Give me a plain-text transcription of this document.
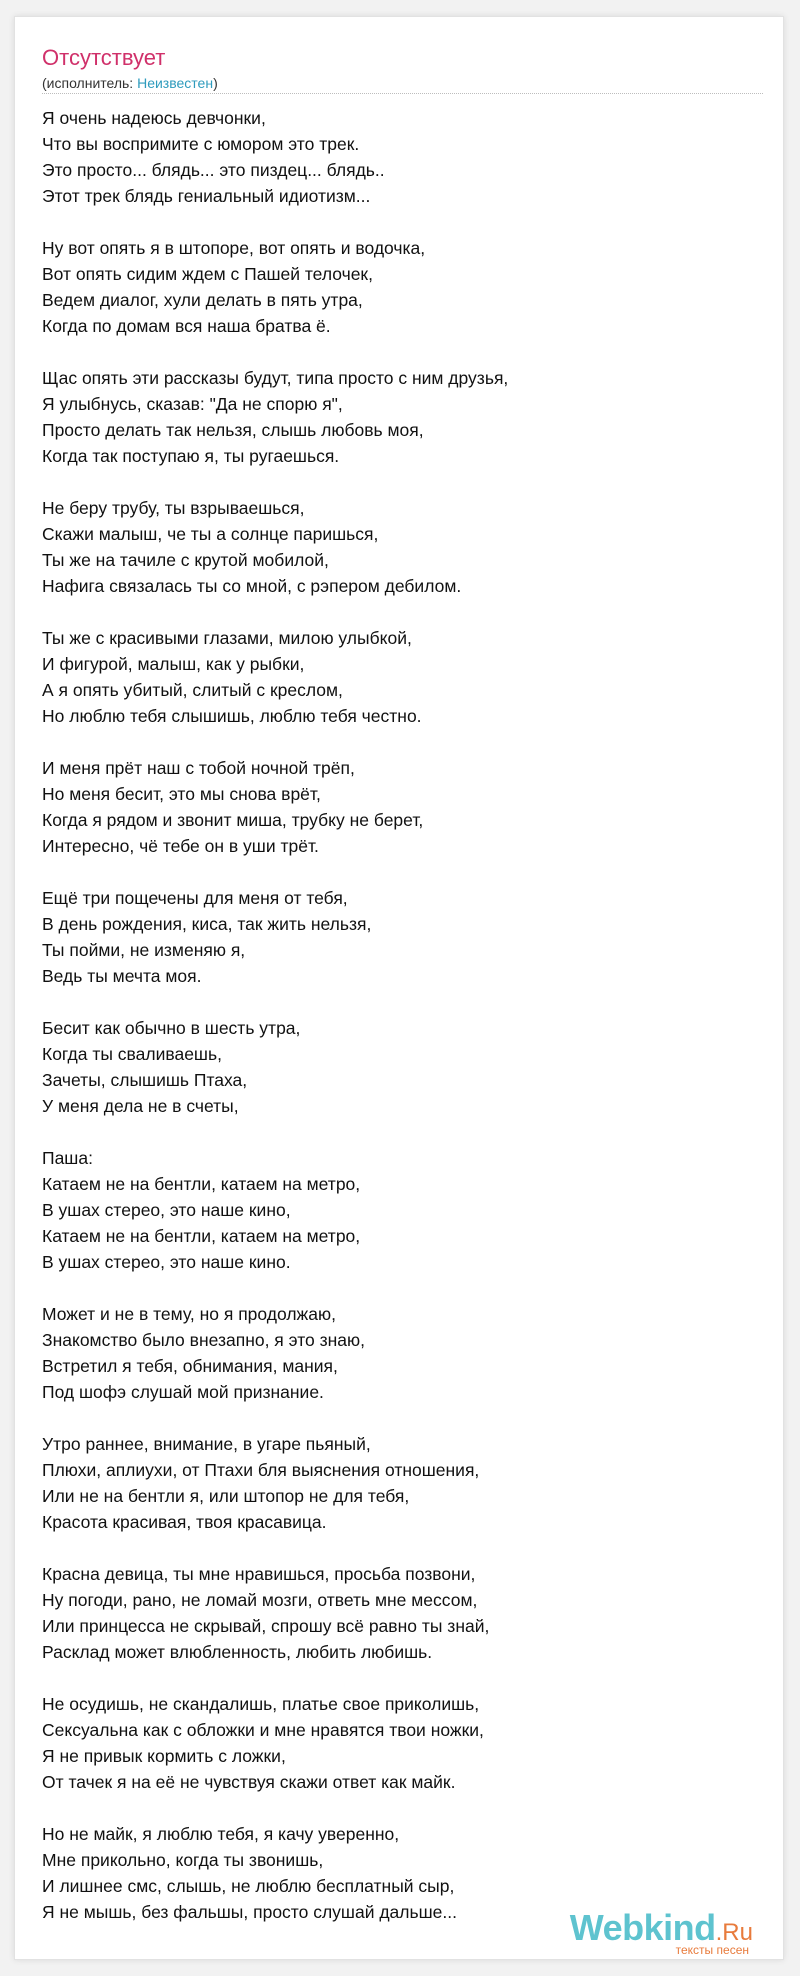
Отсутствует
(исполнитель: Неизвестен)
Я очень надеюсь девчонки,
Что вы воспримите с юмором это трек.
Это просто... блядь... это пиздец... блядь..
Этот трек блядь гениальный идиотизм...
Ну вот опять я в штопоре, вот опять и водочка,
Вот опять сидим ждем с Пашей телочек,
Ведем диалог, хули делать в пять утра,
Когда по домам вся наша братва ё.
Щас опять эти рассказы будут, типа просто с ним друзья,
Я улыбнусь, сказав: "Да не спорю я",
Просто делать так нельзя, слышь любовь моя,
Когда так поступаю я, ты ругаешься.
Не беру трубу, ты взрываешься,
Скажи малыш, че ты а солнце паришься,
Ты же на тачиле с крутой мобилой,
Нафига связалась ты со мной, с рэпером дебилом.
Ты же с красивыми глазами, милою улыбкой,
И фигурой, малыш, как у рыбки,
А я опять убитый, слитый с креслом,
Но люблю тебя слышишь, люблю тебя честно.
И меня прёт наш с тобой ночной трёп,
Но меня бесит, это мы снова врёт,
Когда я рядом и звонит миша, трубку не берет,
Интересно, чё тебе он в уши трёт.
Ещё три пощечены для меня от тебя,
В день рождения, киса, так жить нельзя,
Ты пойми, не изменяю я,
Ведь ты мечта моя.
Бесит как обычно в шесть утра,
Когда ты сваливаешь,
Зачеты, слышишь Птаха,
У меня дела не в счеты,
Паша:
Катаем не на бентли, катаем на метро,
В ушах стерео, это наше кино,
Катаем не на бентли, катаем на метро,
В ушах стерео, это наше кино.
Может и не в тему, но я продолжаю,
Знакомство было внезапно, я это знаю,
Встретил я тебя, обнимания, мания,
Под шофэ слушай мой признание.
Утро раннее, внимание, в угаре пьяный,
Плюхи, аплиухи, от Птахи бля выяснения отношения,
Или не на бентли я, или штопор не для тебя,
Красота красивая, твоя красавица.
Красна девица, ты мне нравишься, просьба позвони,
Ну погоди, рано, не ломай мозги, ответь мне мессом,
Или принцесса не скрывай, спрошу всё равно ты знай,
Расклад может влюбленность, любить любишь.
Не осудишь, не скандалишь, платье свое приколишь,
Сексуальна как с обложки и мне нравятся твои ножки,
Я не привык кормить с ложки,
От тачек я на её не чувствуя скажи ответ как майк.
Но не майк, я люблю тебя, я качу уверенно,
Мне прикольно, когда ты звонишь,
И лишнее смс, слышь, не люблю бесплатный сыр,
Я не мышь, без фальшы, просто слушай дальше...	Webkind.Ru
тексты песен
